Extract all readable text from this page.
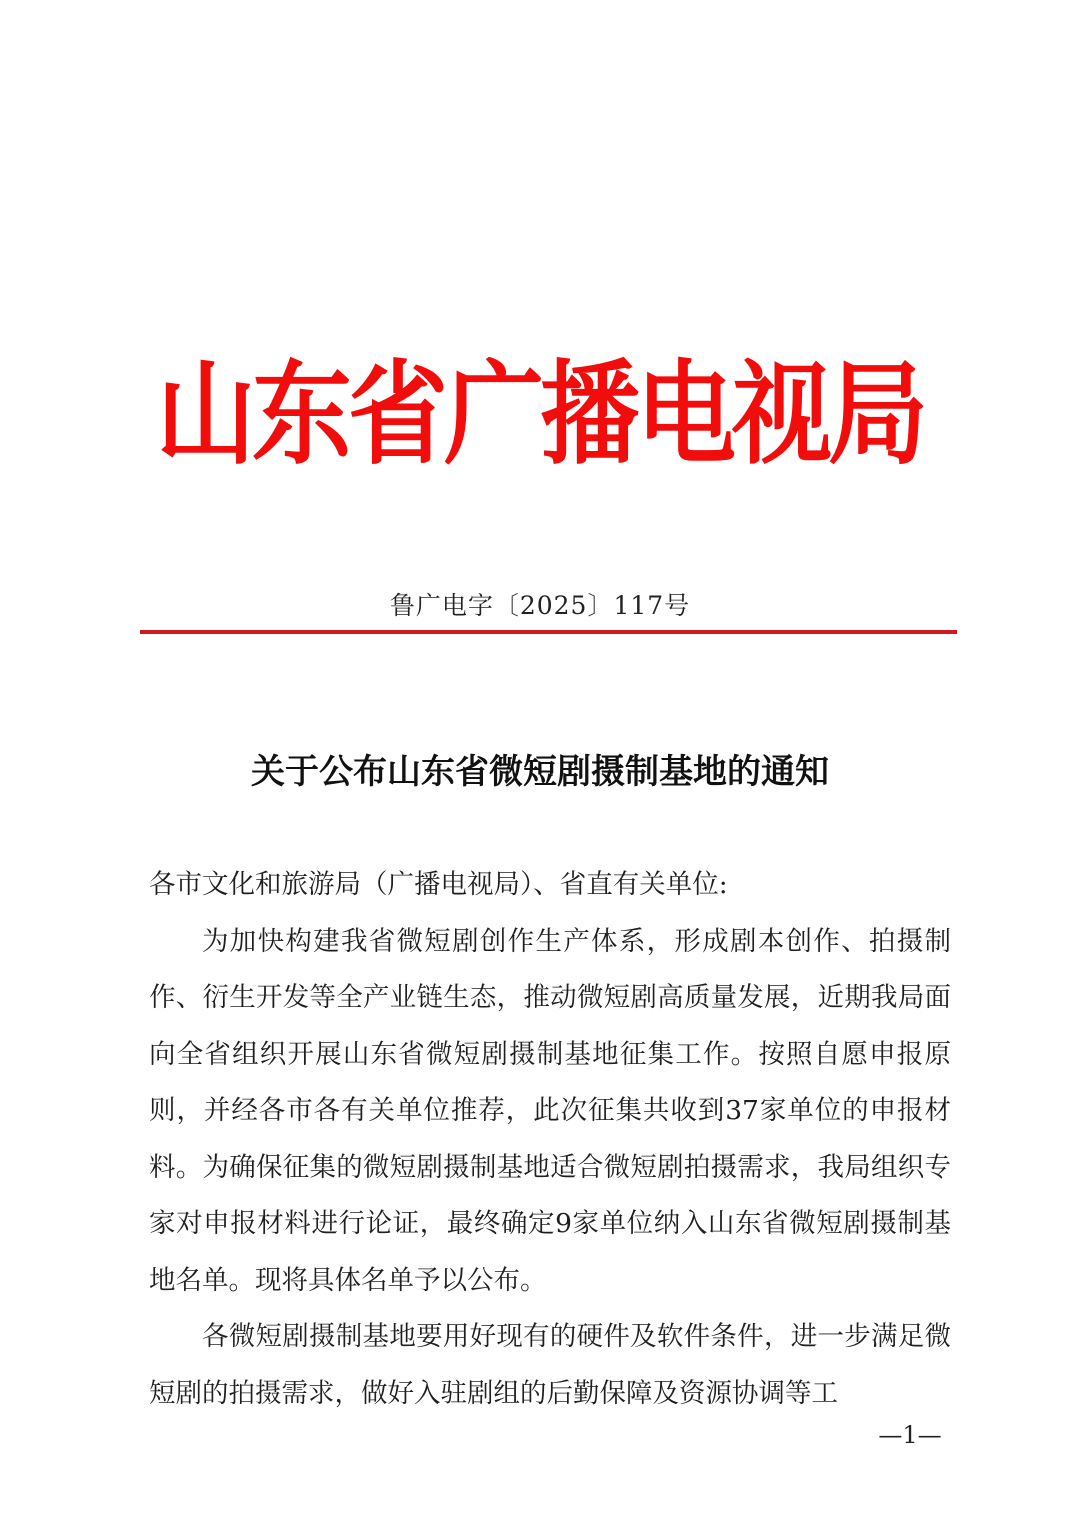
山东省广播电视局
鲁广电字〔2025〕117号
关于公布山东省微短剧摄制基地的通知

各市文化和旅游局（广播电视局）、省直有关单位:

为加快构建我省微短剧创作生产体系，形成剧本创作、拍摄制作、衍生开发等全产业链生态，推动微短剧高质量发展，近期我局面向全省组织开展山东省微短剧摄制基地征集工作。按照自愿申报原则，并经各市各有关单位推荐，此次征集共收到37家单位的申报材料。为确保征集的微短剧摄制基地适合微短剧拍摄需求，我局组织专家对申报材料进行论证，最终确定9家单位纳入山东省微短剧摄制基地名单。现将具体名单予以公布。

各微短剧摄制基地要用好现有的硬件及软件条件，进一步满足微短剧的拍摄需求，做好入驻剧组的后勤保障及资源协调等工

—1—
